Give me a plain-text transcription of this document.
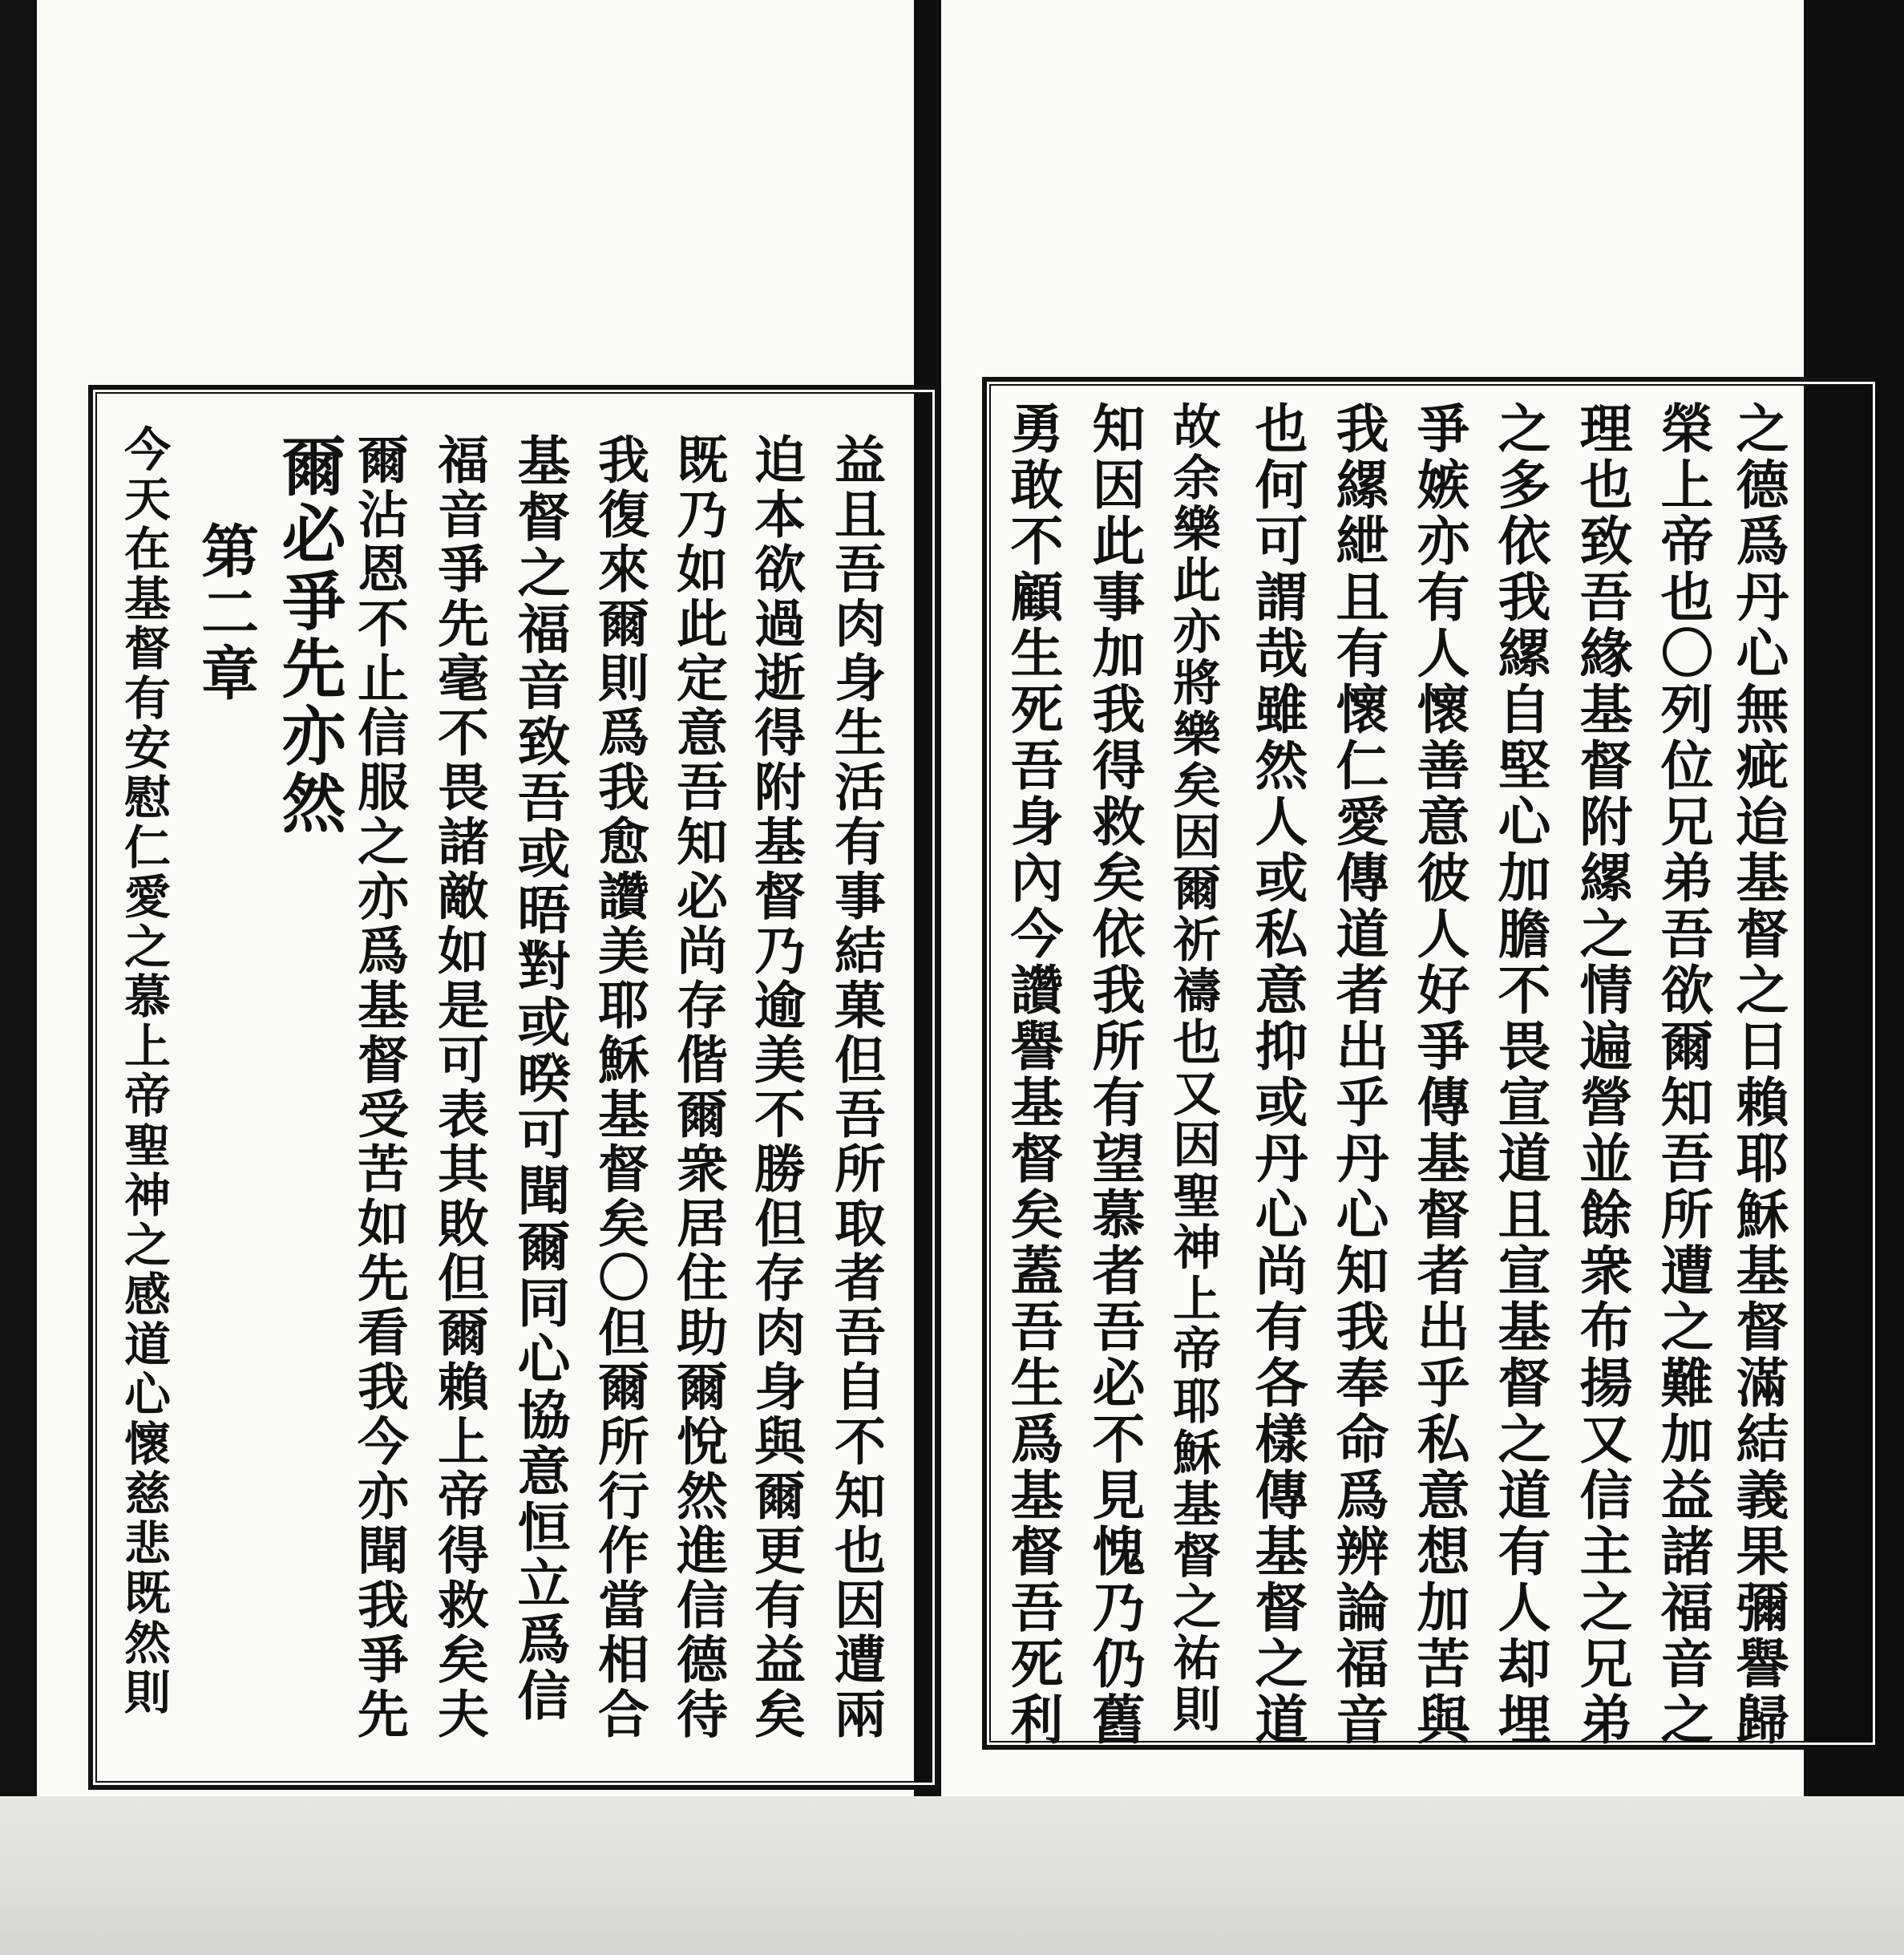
今天在基督有安慰仁愛之慕上帝聖神之感道心懷慈悲既然則 第二章 爾必爭先亦然 爾沾恩不止信服之亦爲基督受苦如先看我今亦聞我爭先 福音爭先毫不畏諸敵如是可表其敗但爾賴上帝得救矣夫 基督之福音致吾或晤對或暌可聞爾同心協意恒立爲信 我復來爾則爲我愈讚美耶穌基督矣〇但爾所行作當相合 既乃如此定意吾知必尚存偕爾衆居住助爾悅然進信德待 迫本欲過逝得附基督乃逾美不勝但存肉身與爾更有益矣 益且吾肉身生活有事結菓但吾所取者吾自不知也因遭兩 勇敢不顧生死吾身內今讚譽基督矣蓋吾生爲基督吾死利 知因此事加我得救矣依我所有望慕者吾必不見愧乃仍舊 故余樂此亦將樂矣因爾祈禱也又因聖神上帝耶穌基督之祐則 也何可謂哉雖然人或私意抑或丹心尚有各樣傳基督之道 我縲紲且有懷仁愛傳道者出乎丹心知我奉命爲辨論福音 爭嫉亦有人懷善意彼人好爭傳基督者出乎私意想加苦與 之多依我縲自堅心加膽不畏宣道且宣基督之道有人却埋 理也致吾緣基督附縲之情遍營並餘衆布揚又信主之兄弟 榮上帝也〇列位兄弟吾欲爾知吾所遭之難加益諸福音之 之德爲丹心無疵迨基督之日賴耶穌基督滿結義果彌譽歸
